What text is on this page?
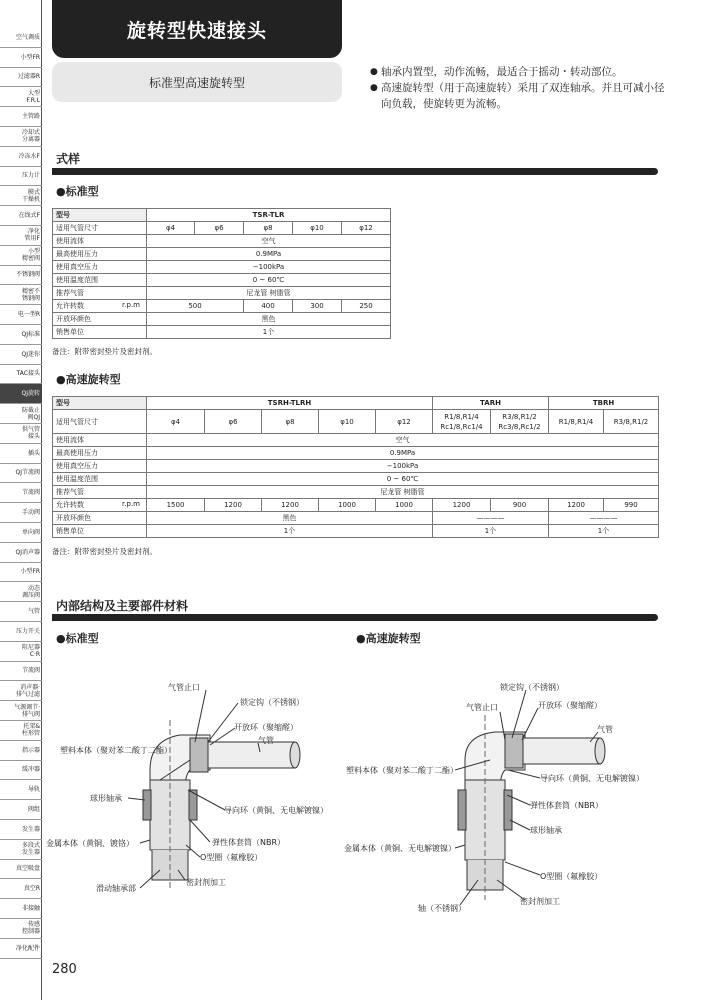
空气调质
小型FR
过滤器R
大型
F.R.L
主管路
冷却式
分离器
冷冻水F
压力计
膜式
干燥机
在线式F
净化
管用F
小型
精密阀
不锈钢阀
精密不
锈钢阀
电一型R
QJ标准
QJ迷你
TAC接头
QJ旋转
防截止
阀QJ
供气管
接头
插头
QJ节流阀
节流阀
手动阀
单向阀
QJ消声器
小型FR
动态
调压阀
气管
压力开关
阻尼器
C·R
节流阀
消声器·
排气过滤
气源调节·
排气阀
托架&
柱形管
指示器
缓冲器
导轨
阀组
发生器
多段式
发生器
真空吸盘
真空R
非接触
传感
控制器
净化配件
旋转型快速接头
标准型高速旋转型
● 轴承内置型，动作流畅，最适合于摇动・转动部位。
● 高速旋转型（用于高速旋转）采用了双连轴承。并且可减小径向负载，使旋转更为流畅。
式样
●标准型
型号	TSR-TLR				
适用气管尺寸	φ4	φ6	φ8	φ10	φ12
使用流体	空气				
最高使用压力	0.9MPa				
使用真空压力	−100kPa				
使用温度范围	0 ~ 60℃				
推荐气管	尼龙管 树脂管				
允许转数 r.p.m	500		400	300	250
开放环颜色	黑色				
销售单位	1个				
备注：附带密封垫片及密封剂。
●高速旋转型
型号	TSRH-TLRH					TARH		TBRH	
适用气管尺寸	φ4	φ6	φ8	φ10	φ12	R1/8,R1/4
Rc1/8,Rc1/4	R3/8,R1/2
Rc3/8,Rc1/2	R1/8,R1/4	R3/8,R1/2
使用流体	空气								
最高使用压力	0.9MPa								
使用真空压力	−100kPa								
使用温度范围	0 ~ 60℃								
推荐气管	尼龙管 树脂管								
允许转数 r.p.m	1500	1200	1200	1000	1000	1200	900	1200	990
开放环颜色	黑色					————		————	
销售单位	1个					1个		1个	
备注：附带密封垫片及密封剂。
内部结构及主要部件材料
●标准型	●高速旋转型
气管止口
锁定钩（不锈钢）
开放环（聚缩醛）
气管
塑料本体（聚对苯二酸丁二酯）
球形轴承
导向环（黄铜、无电解镀镍）
金属本体（黄铜、镀铬）	弹性体套筒（NBR）
O型圈（氟橡胶）
滑动轴承部
密封剂加工
锁定钩（不锈钢）
气管止口	开放环（聚缩醛）
气管
塑料本体（聚对苯二酸丁二酯）
导向环（黄铜、无电解镀镍）
弹性体套筒（NBR）
球形轴承
金属本体（黄铜、无电解镀镍）
O型圈（氟橡胶）
轴（不锈钢）
密封剂加工
280
